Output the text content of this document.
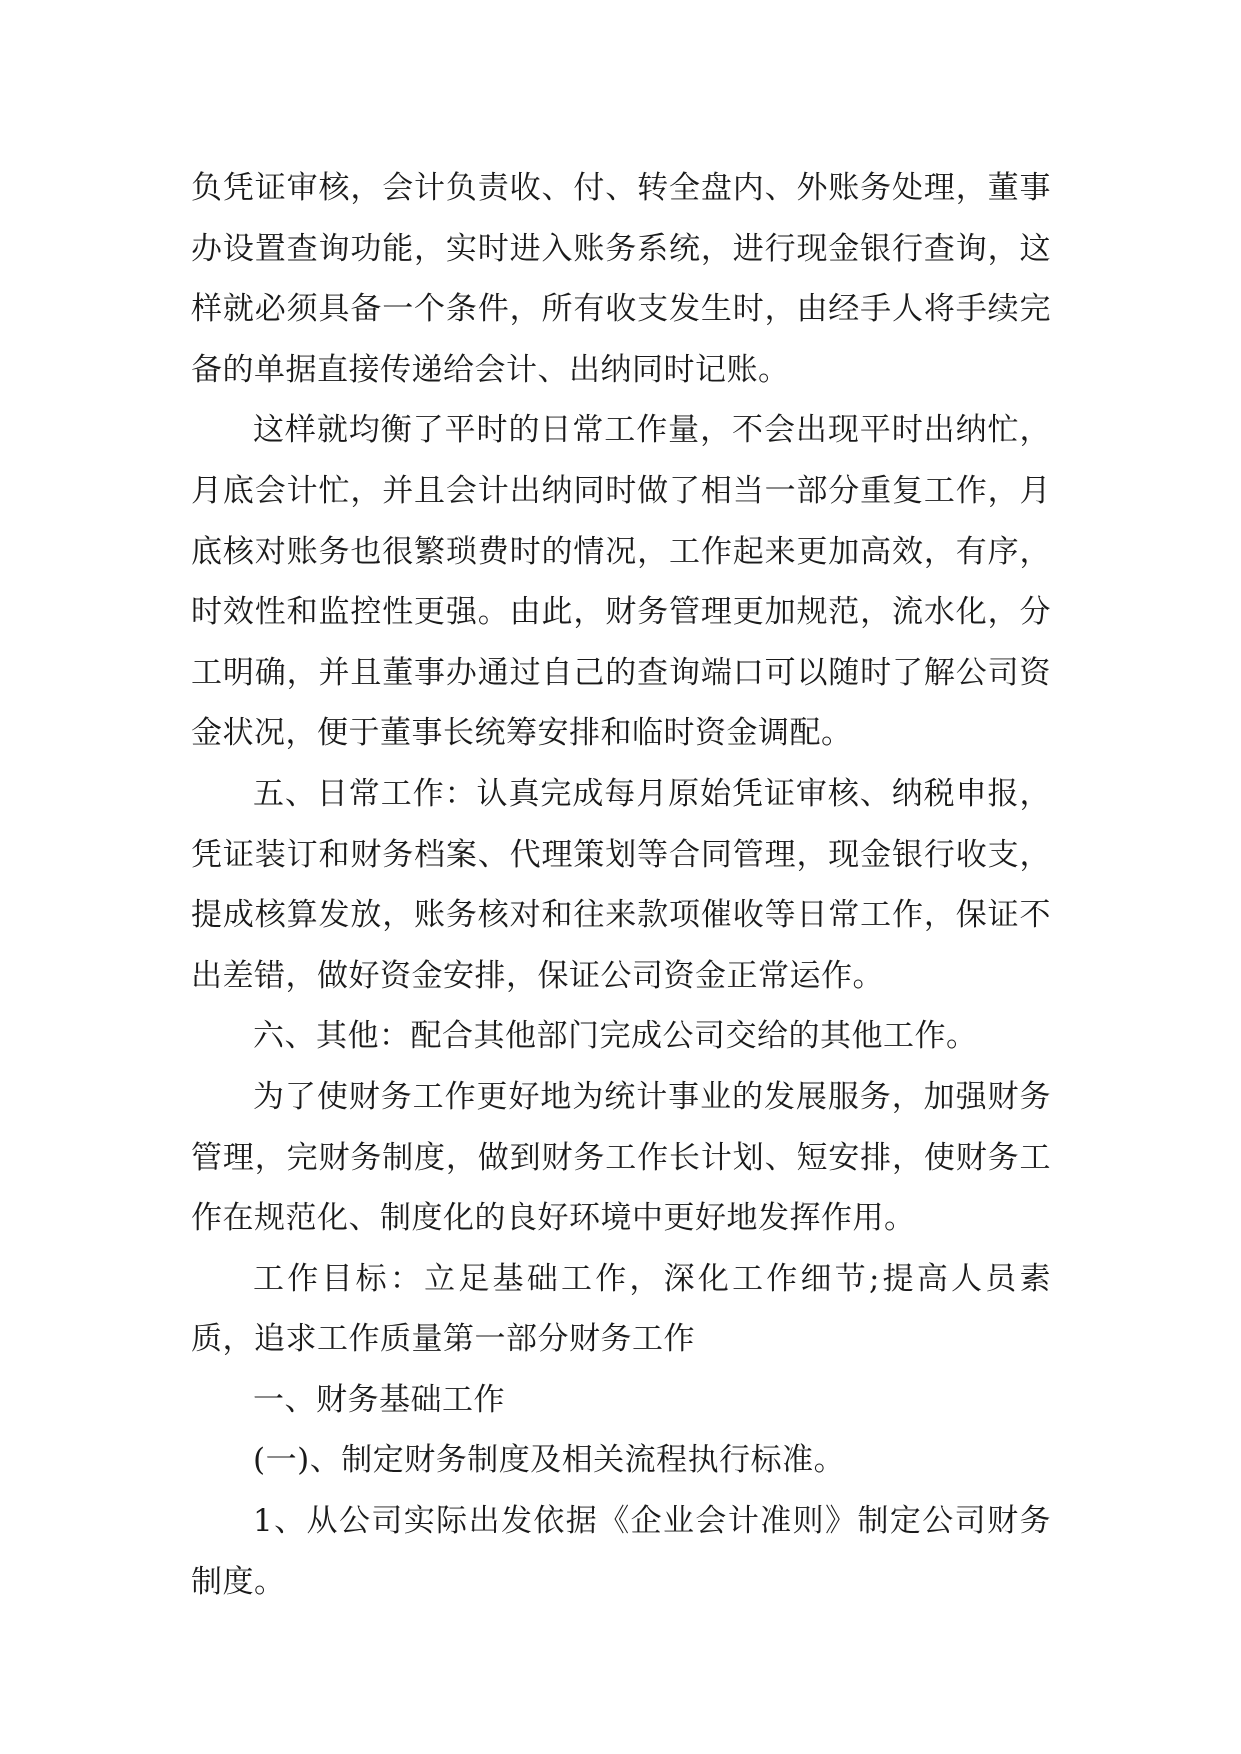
负凭证审核，会计负责收、付、转全盘内、外账务处理，董事办设置查询功能，实时进入账务系统，进行现金银行查询，这样就必须具备一个条件，所有收支发生时，由经手人将手续完备的单据直接传递给会计、出纳同时记账。

这样就均衡了平时的日常工作量，不会出现平时出纳忙，月底会计忙，并且会计出纳同时做了相当一部分重复工作，月底核对账务也很繁琐费时的情况，工作起来更加高效，有序，时效性和监控性更强。由此，财务管理更加规范，流水化，分工明确，并且董事办通过自己的查询端口可以随时了解公司资金状况，便于董事长统筹安排和临时资金调配。

五、日常工作：认真完成每月原始凭证审核、纳税申报，凭证装订和财务档案、代理策划等合同管理，现金银行收支，提成核算发放，账务核对和往来款项催收等日常工作，保证不出差错，做好资金安排，保证公司资金正常运作。

六、其他：配合其他部门完成公司交给的其他工作。

为了使财务工作更好地为统计事业的发展服务，加强财务管理，完财务制度，做到财务工作长计划、短安排，使财务工作在规范化、制度化的良好环境中更好地发挥作用。

工作目标：立足基础工作，深化工作细节;提高人员素质，追求工作质量第一部分财务工作

一、财务基础工作

(一)、制定财务制度及相关流程执行标准。

1、从公司实际出发依据《企业会计准则》制定公司财务制度。
